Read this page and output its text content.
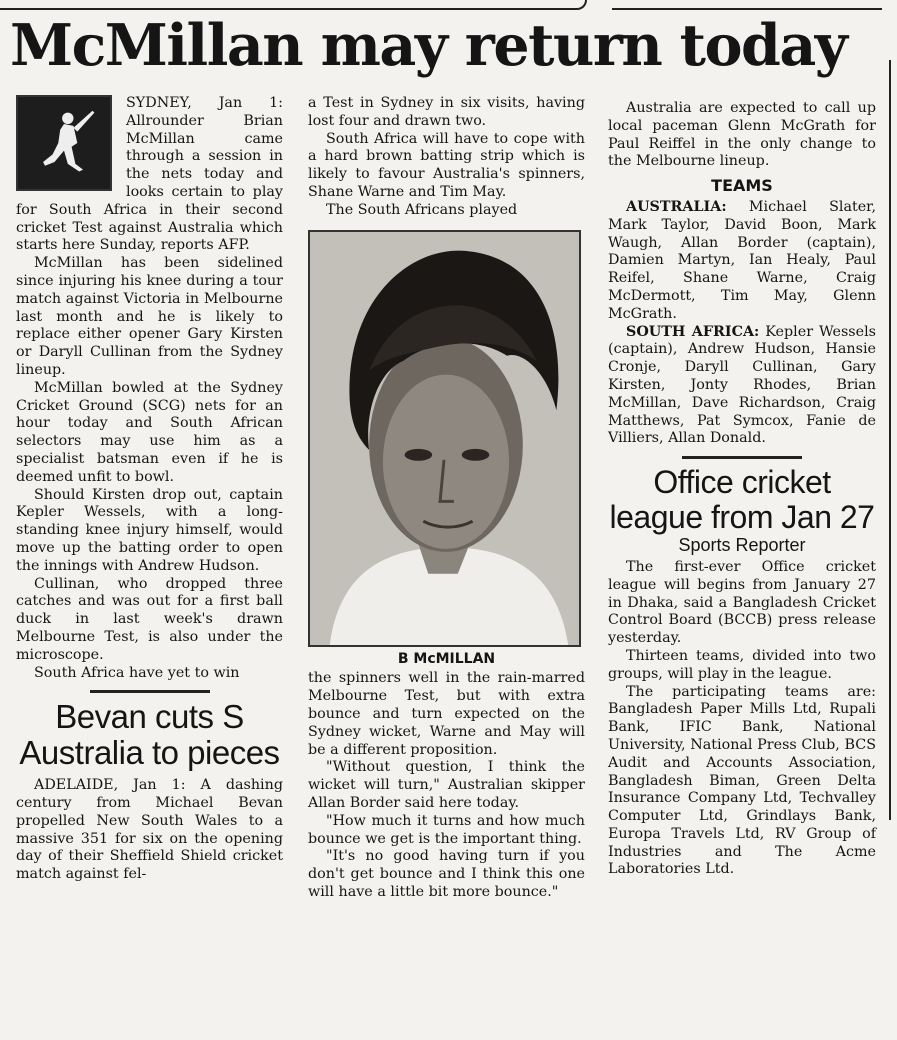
McMillan may return today

SYDNEY, Jan 1: Allrounder Brian McMillan came through a session in the nets today and looks certain to play for South Africa in their second cricket Test against Australia which starts here Sunday, reports AFP.

McMillan has been sidelined since injuring his knee during a tour match against Victoria in Melbourne last month and he is likely to replace either opener Gary Kirsten or Daryll Cullinan from the Sydney lineup.

McMillan bowled at the Sydney Cricket Ground (SCG) nets for an hour today and South African selectors may use him as a specialist batsman even if he is deemed unfit to bowl.

Should Kirsten drop out, captain Kepler Wessels, with a long-standing knee injury himself, would move up the batting order to open the innings with Andrew Hudson.

Cullinan, who dropped three catches and was out for a first ball duck in last week's drawn Melbourne Test, is also under the microscope.

South Africa have yet to win

Bevan cuts S Australia to pieces

ADELAIDE, Jan 1: A dashing century from Michael Bevan propelled New South Wales to a massive 351 for six on the opening day of their Sheffield Shield cricket match against fel-

a Test in Sydney in six visits, having lost four and drawn two.

South Africa will have to cope with a hard brown batting strip which is likely to favour Australia's spinners, Shane Warne and Tim May.

The South Africans played

B McMILLAN

the spinners well in the rain-marred Melbourne Test, but with extra bounce and turn expected on the Sydney wicket, Warne and May will be a different proposition.

"Without question, I think the wicket will turn," Australian skipper Allan Border said here today.

"How much it turns and how much bounce we get is the important thing.

"It's no good having turn if you don't get bounce and I think this one will have a little bit more bounce."

Australia are expected to call up local paceman Glenn McGrath for Paul Reiffel in the only change to the Melbourne lineup.

TEAMS

AUSTRALIA: Michael Slater, Mark Taylor, David Boon, Mark Waugh, Allan Border (captain), Damien Martyn, Ian Healy, Paul Reifel, Shane Warne, Craig McDermott, Tim May, Glenn McGrath.

SOUTH AFRICA: Kepler Wessels (captain), Andrew Hudson, Hansie Cronje, Daryll Cullinan, Gary Kirsten, Jonty Rhodes, Brian McMillan, Dave Richardson, Craig Matthews, Pat Symcox, Fanie de Villiers, Allan Donald.

Office cricket league from Jan 27
Sports Reporter

The first-ever Office cricket league will begins from January 27 in Dhaka, said a Bangladesh Cricket Control Board (BCCB) press release yesterday.

Thirteen teams, divided into two groups, will play in the league.

The participating teams are: Bangladesh Paper Mills Ltd, Rupali Bank, IFIC Bank, National University, National Press Club, BCS Audit and Accounts Association, Bangladesh Biman, Green Delta Insurance Company Ltd, Techvalley Computer Ltd, Grindlays Bank, Europa Travels Ltd, RV Group of Industries and The Acme Laboratories Ltd.
